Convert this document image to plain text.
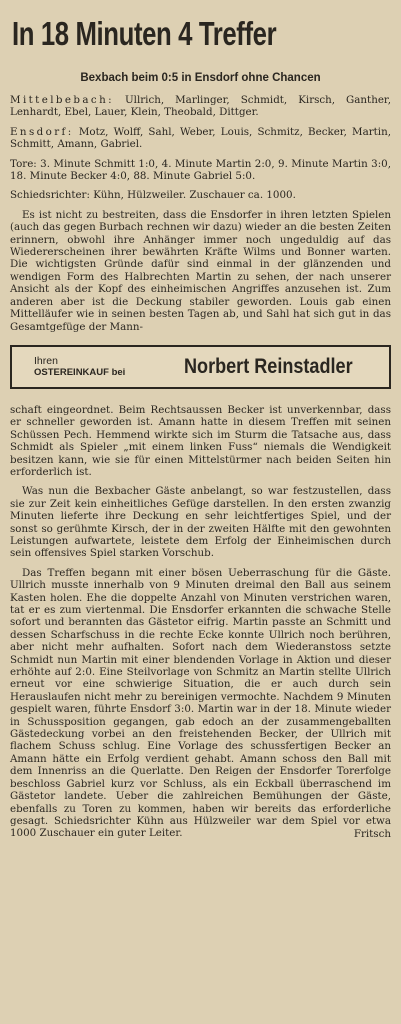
In 18 Minuten 4 Treffer
Bexbach beim 0:5 in Ensdorf ohne Chancen

Mittelbebach: Ullrich, Marlinger, Schmidt, Kirsch, Ganther, Lenhardt, Ebel, Lauer, Klein, Theobald, Dittger.

Ensdorf: Motz, Wolff, Sahl, Weber, Louis, Schmitz, Becker, Martin, Schmitt, Amann, Gabriel.

Tore: 3. Minute Schmitt 1:0, 4. Minute Martin 2:0, 9. Minute Martin 3:0, 18. Minute Becker 4:0, 88. Minute Gabriel 5:0.

Schiedsrichter: Kühn, Hülzweiler. Zuschauer ca. 1000.

Es ist nicht zu bestreiten, dass die Ensdorfer in ihren letzten Spielen (auch das gegen Burbach rechnen wir dazu) wieder an die besten Zeiten erinnern, obwohl ihre Anhänger immer noch ungeduldig auf das Wiedererscheinen ihrer bewährten Kräfte Wilms und Bonner warten. Die wichtigsten Gründe dafür sind einmal in der glänzenden und wendigen Form des Halbrechten Martin zu sehen, der nach unserer Ansicht als der Kopf des einheimischen Angriffes anzusehen ist. Zum anderen aber ist die Deckung stabiler geworden. Louis gab einen Mittelläufer wie in seinen besten Tagen ab, und Sahl hat sich gut in das Gesamtgefüge der Mann-

Ihren
OSTEREINKAUF bei	Norbert Reinstadler

schaft eingeordnet. Beim Rechtsaussen Becker ist unverkennbar, dass er schneller geworden ist. Amann hatte in diesem Treffen mit seinen Schüssen Pech. Hemmend wirkte sich im Sturm die Tatsache aus, dass Schmidt als Spieler „mit einem linken Fuss“ niemals die Wendigkeit besitzen kann, wie sie für einen Mittelstürmer nach beiden Seiten hin erforderlich ist.

Was nun die Bexbacher Gäste anbelangt, so war festzustellen, dass sie zur Zeit kein einheitliches Gefüge darstellen. In den ersten zwanzig Minuten lieferte ihre Deckung en sehr leichtfertiges Spiel, und der sonst so gerühmte Kirsch, der in der zweiten Hälfte mit den gewohnten Leistungen aufwartete, leistete dem Erfolg der Einheimischen durch sein offensives Spiel starken Vorschub.

Das Treffen begann mit einer bösen Ueberraschung für die Gäste. Ullrich musste innerhalb von 9 Minuten dreimal den Ball aus seinem Kasten holen. Ehe die doppelte Anzahl von Minuten verstrichen waren, tat er es zum viertenmal. Die Ensdorfer erkannten die schwache Stelle sofort und berannten das Gästetor eifrig. Martin passte an Schmitt und dessen Scharfschuss in die rechte Ecke konnte Ullrich noch berühren, aber nicht mehr aufhalten. Sofort nach dem Wiederanstoss setzte Schmidt nun Martin mit einer blendenden Vorlage in Aktion und dieser erhöhte auf 2:0. Eine Steilvorlage von Schmitz an Martin stellte Ullrich erneut vor eine schwierige Situation, die er auch durch sein Herauslaufen nicht mehr zu bereinigen vermochte. Nachdem 9 Minuten gespielt waren, führte Ensdorf 3:0. Martin war in der 18. Minute wieder in Schussposition gegangen, gab edoch an der zusammengeballten Gästedeckung vorbei an den freistehenden Becker, der Ullrich mit flachem Schuss schlug. Eine Vorlage des schussfertigen Becker an Amann hätte ein Erfolg verdient gehabt. Amann schoss den Ball mit dem Innenriss an die Querlatte. Den Reigen der Ensdorfer Torerfolge beschloss Gabriel kurz vor Schluss, als ein Eckball überraschend im Gästetor landete. Ueber die zahlreichen Bemühungen der Gäste, ebenfalls zu Toren zu kommen, haben wir bereits das erforderliche gesagt. Schiedsrichter Kühn aus Hülzweiler war dem Spiel vor etwa 1000 Zuschauer ein guter Leiter.	Fritsch
